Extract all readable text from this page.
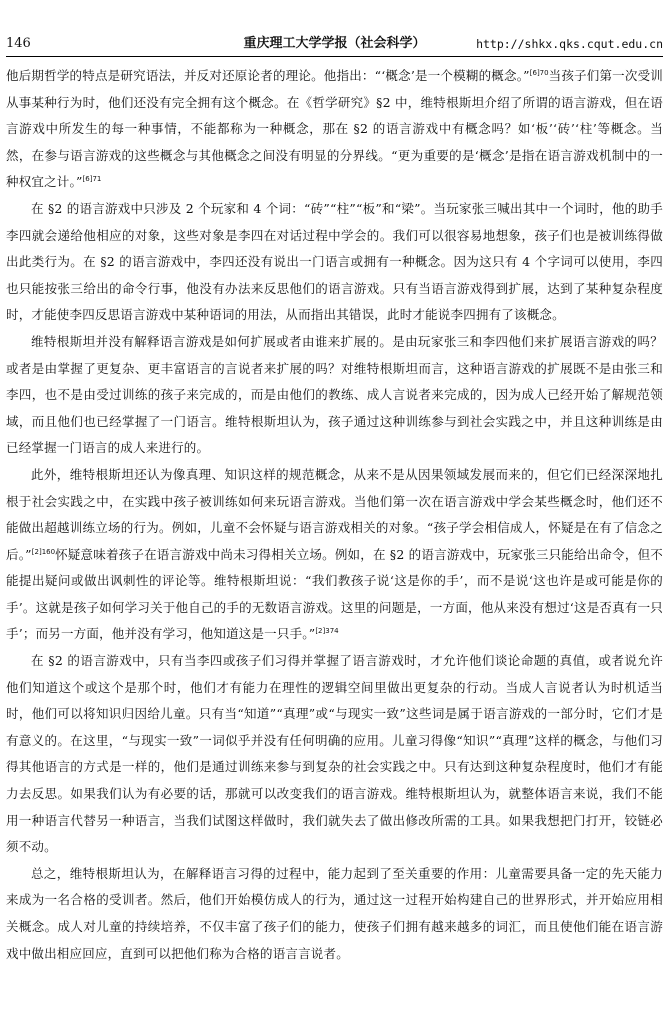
146	重庆理工大学学报（社会科学）	http://shkx.qks.cqut.edu.cn

他后期哲学的特点是研究语法，并反对还原论者的理论。他指出：“‘概念’是一个模糊的概念。”$^{[6]70}$当孩子们第一次受训从事某种行为时，他们还没有完全拥有这个概念。在《哲学研究》§2 中，维特根斯坦介绍了所谓的语言游戏，但在语言游戏中所发生的每一种事情，不能都称为一种概念，那在 §2 的语言游戏中有概念吗？如‘板’‘砖’‘柱’等概念。当然，在参与语言游戏的这些概念与其他概念之间没有明显的分界线。“更为重要的是‘概念’是指在语言游戏机制中的一种权宜之计。”$^{[6]71}$

在 §2 的语言游戏中只涉及 2 个玩家和 4 个词：“砖”“柱”“板”和“梁”。当玩家张三喊出其中一个词时，他的助手李四就会递给他相应的对象，这些对象是李四在对话过程中学会的。我们可以很容易地想象，孩子们也是被训练得做出此类行为。在 §2 的语言游戏中，李四还没有说出一门语言或拥有一种概念。因为这只有 4 个字词可以使用，李四也只能按张三给出的命令行事，他没有办法来反思他们的语言游戏。只有当语言游戏得到扩展，达到了某种复杂程度时，才能使李四反思语言游戏中某种语词的用法，从而指出其错误，此时才能说李四拥有了该概念。

维特根斯坦并没有解释语言游戏是如何扩展或者由谁来扩展的。是由玩家张三和李四他们来扩展语言游戏的吗？或者是由掌握了更复杂、更丰富语言的言说者来扩展的吗？对维特根斯坦而言，这种语言游戏的扩展既不是由张三和李四，也不是由受过训练的孩子来完成的，而是由他们的教练、成人言说者来完成的，因为成人已经开始了解规范领域，而且他们也已经掌握了一门语言。维特根斯坦认为，孩子通过这种训练参与到社会实践之中，并且这种训练是由已经掌握一门语言的成人来进行的。

此外，维特根斯坦还认为像真理、知识这样的规范概念，从来不是从因果领域发展而来的，但它们已经深深地扎根于社会实践之中，在实践中孩子被训练如何来玩语言游戏。当他们第一次在语言游戏中学会某些概念时，他们还不能做出超越训练立场的行为。例如，儿童不会怀疑与语言游戏相关的对象。“孩子学会相信成人，怀疑是在有了信念之后。”$^{[2]160}$怀疑意味着孩子在语言游戏中尚未习得相关立场。例如，在 §2 的语言游戏中，玩家张三只能给出命令，但不能提出疑问或做出讽刺性的评论等。维特根斯坦说：“我们教孩子说‘这是你的手’，而不是说‘这也许是或可能是你的手’。这就是孩子如何学习关于他自己的手的无数语言游戏。这里的问题是，一方面，他从来没有想过‘这是否真有一只手’；而另一方面，他并没有学习，他知道这是一只手。”$^{[2]374}$

在 §2 的语言游戏中，只有当李四或孩子们习得并掌握了语言游戏时，才允许他们谈论命题的真值，或者说允许他们知道这个或这个是那个时，他们才有能力在理性的逻辑空间里做出更复杂的行动。当成人言说者认为时机适当时，他们可以将知识归因给儿童。只有当“知道”“真理”或“与现实一致”这些词是属于语言游戏的一部分时，它们才是有意义的。在这里，“与现实一致”一词似乎并没有任何明确的应用。儿童习得像“知识”“真理”这样的概念，与他们习得其他语言的方式是一样的，他们是通过训练来参与到复杂的社会实践之中。只有达到这种复杂程度时，他们才有能力去反思。如果我们认为有必要的话，那就可以改变我们的语言游戏。维特根斯坦认为，就整体语言来说，我们不能用一种语言代替另一种语言，当我们试图这样做时，我们就失去了做出修改所需的工具。如果我想把门打开，铰链必须不动。

总之，维特根斯坦认为，在解释语言习得的过程中，能力起到了至关重要的作用：儿童需要具备一定的先天能力来成为一名合格的受训者。然后，他们开始模仿成人的行为，通过这一过程开始构建自己的世界形式，并开始应用相关概念。成人对儿童的持续培养，不仅丰富了孩子们的能力，使孩子们拥有越来越多的词汇，而且使他们能在语言游戏中做出相应回应，直到可以把他们称为合格的语言言说者。
